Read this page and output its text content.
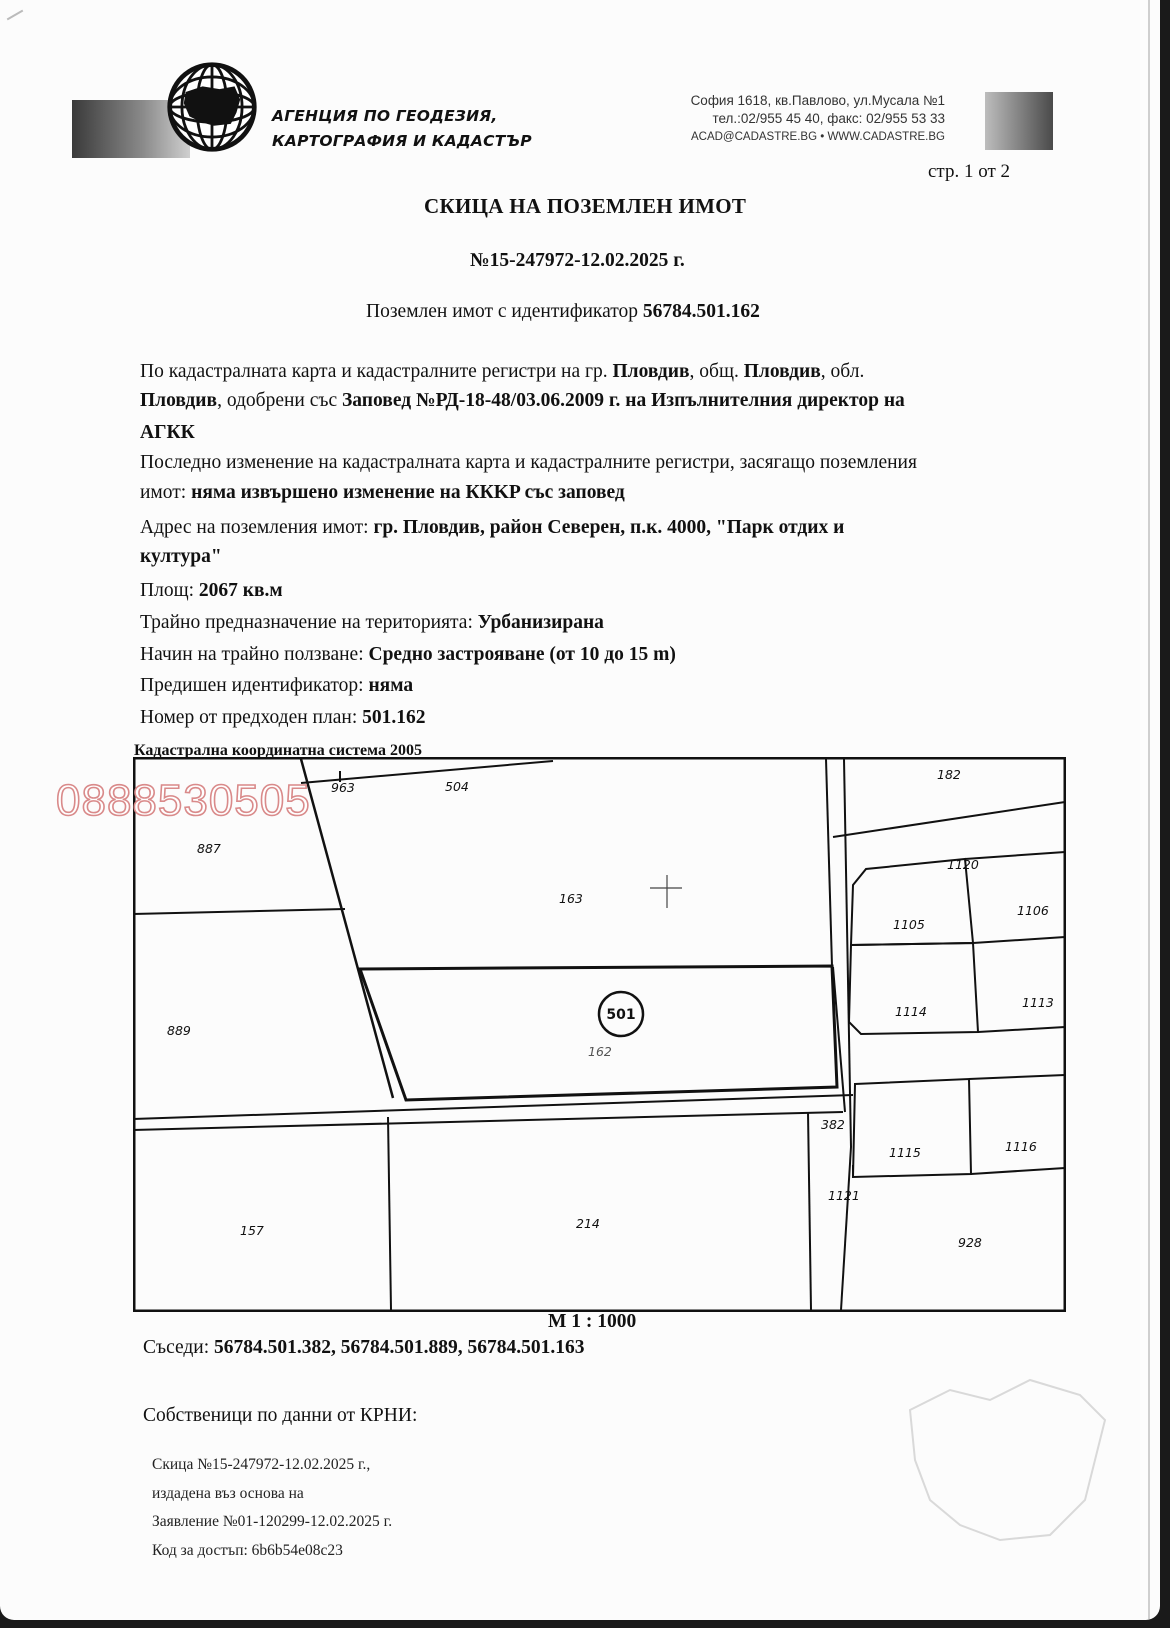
АГЕНЦИЯ ПО ГЕОДЕЗИЯ,
КАРТОГРАФИЯ И КАДАСТЪР
София 1618, кв.Павлово, ул.Мусала №1
тел.:02/955 45 40, факс: 02/955 53 33
ACAD@CADASTRE.BG • WWW.CADASTRE.BG
стр. 1 от 2
СКИЦА НА ПОЗЕМЛЕН ИМОТ
№15-247972-12.02.2025 г.
Поземлен имот с идентификатор 56784.501.162
По кадастралната карта и кадастралните регистри на гр. Пловдив, общ. Пловдив, обл.
Пловдив, одобрени със Заповед №РД-18-48/03.06.2009 г. на Изпълнителния директор на
АГКК
Последно изменение на кадастралната карта и кадастралните регистри, засягащо поземления
имот: няма извършено изменение на ККKP със заповед
Адрес на поземления имот: гр. Пловдив, район Северен, п.к. 4000, "Парк отдих и
култура"
Площ: 2067 кв.м
Трайно предназначение на територията: Урбанизирана
Начин на трайно ползване: Средно застрояване (от 10 до 15 m)
Предишен идентификатор: няма
Номер от предходен план: 501.162
Кадастрална координатна система 2005
501
963	504
182
887
163
1120
1105
1106
889
162
1114
1113
382
1115	1116
1121
157	214
928
0888530505
М 1 : 1000
Съседи: 56784.501.382, 56784.501.889, 56784.501.163
Собственици по данни от КРНИ:
Скица №15-247972-12.02.2025 г.,
издадена въз основа на
Заявление №01-120299-12.02.2025 г.
Код за достъп: 6b6b54e08c23
